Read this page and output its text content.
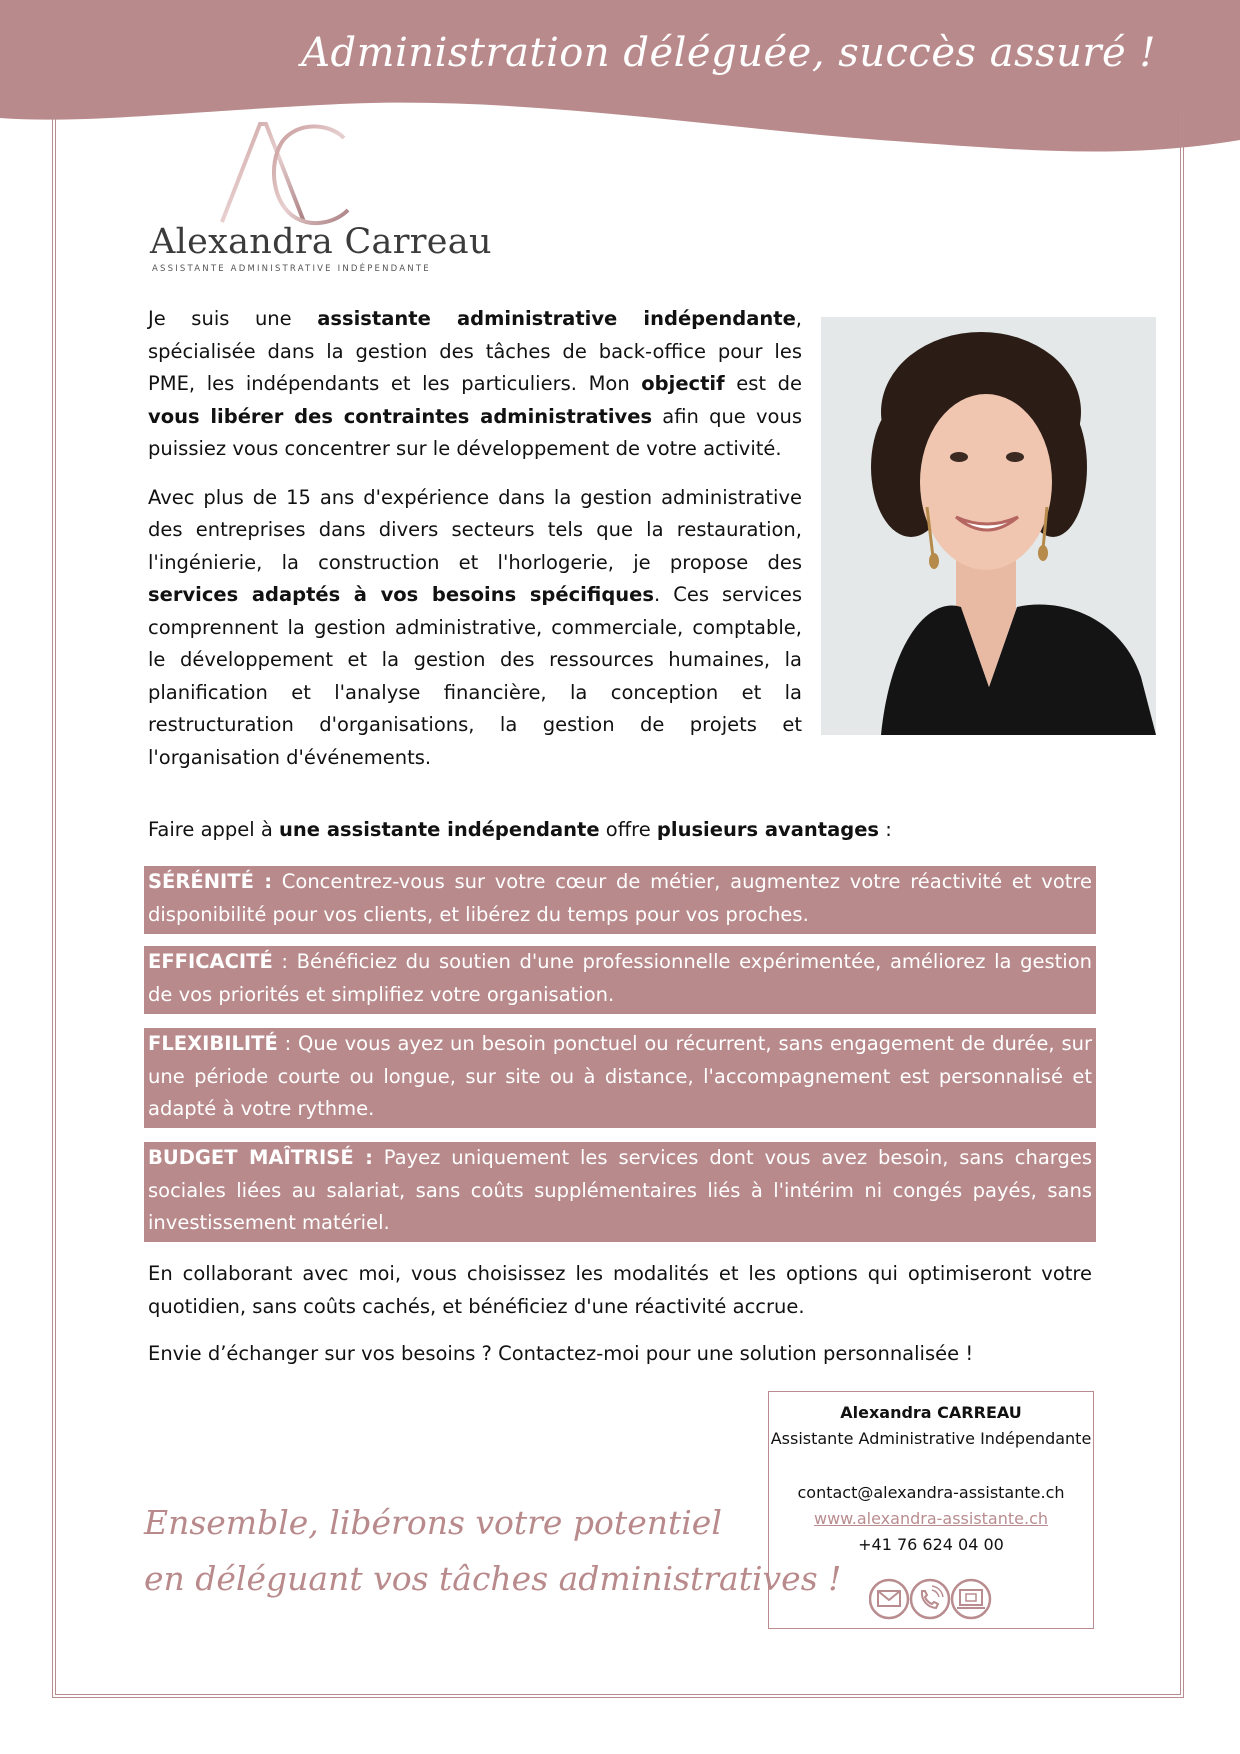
Administration déléguée, succès assuré !

Alexandra Carreau

ASSISTANTE ADMINISTRATIVE INDÉPENDANTE

Je suis une assistante administrative indépendante, spécialisée dans la gestion des tâches de back-office pour les PME, les indépendants et les particuliers. Mon objectif est de vous libérer des contraintes administratives afin que vous puissiez vous concentrer sur le développement de votre activité.

Avec plus de 15 ans d'expérience dans la gestion administrative des entreprises dans divers secteurs tels que la restauration, l'ingénierie, la construction et l'horlogerie, je propose des services adaptés à vos besoins spécifiques. Ces services comprennent la gestion administrative, commerciale, comptable, le développement et la gestion des ressources humaines, la planification et l'analyse financière, la conception et la restructuration d'organisations, la gestion de projets et l'organisation d'événements.

Faire appel à une assistante indépendante offre plusieurs avantages :

SÉRÉNITÉ : Concentrez-vous sur votre cœur de métier, augmentez votre réactivité et votre disponibilité pour vos clients, et libérez du temps pour vos proches.
EFFICACITÉ : Bénéficiez du soutien d'une professionnelle expérimentée, améliorez la gestion de vos priorités et simplifiez votre organisation.
FLEXIBILITÉ : Que vous ayez un besoin ponctuel ou récurrent, sans engagement de durée, sur une période courte ou longue, sur site ou à distance, l'accompagnement est personnalisé et adapté à votre rythme.
BUDGET MAÎTRISÉ : Payez uniquement les services dont vous avez besoin, sans charges sociales liées au salariat, sans coûts supplémentaires liés à l'intérim ni congés payés, sans investissement matériel.

En collaborant avec moi, vous choisissez les modalités et les options qui optimiseront votre quotidien, sans coûts cachés, et bénéficiez d'une réactivité accrue.

Envie d’échanger sur vos besoins ? Contactez-moi pour une solution personnalisée !

Alexandra CARREAU
Assistante Administrative Indépendante
contact@alexandra-assistante.ch
www.alexandra-assistante.ch
+41 76 624 04 00

Ensemble, libérons votre potentiel
en déléguant vos tâches administratives !
